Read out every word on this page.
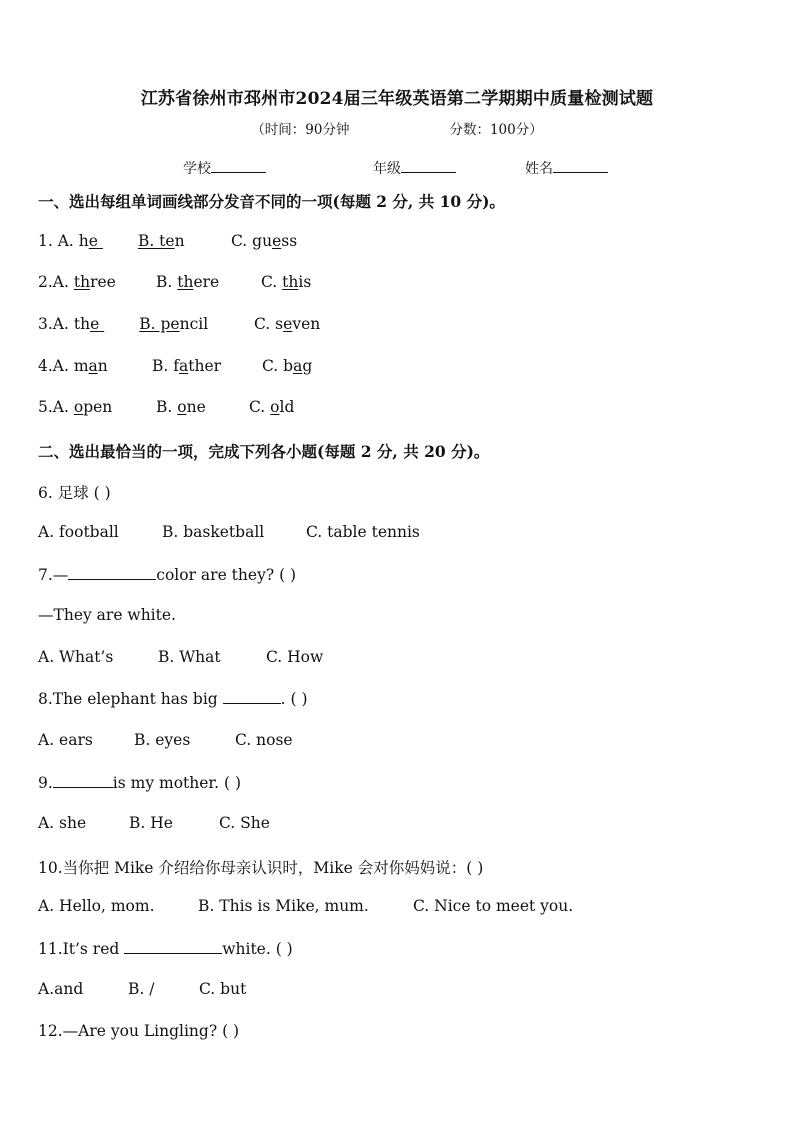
江苏省徐州市邳州市2024届三年级英语第二学期期中质量检测试题
（时间：90分钟	分数：100分）
学校	年级	姓名
一、选出每组单词画线部分发音不同的一项(每题 2 分, 共 10 分)。
1. A. he	B. ten	C. guess
2.A. three	B. there	C. this
3.A. the	B. pencil	C. seven
4.A. man	B. father	C. bag
5.A. open	B. one	C. old
二、选出最恰当的一项，完成下列各小题(每题 2 分, 共 20 分)。
6. 足球 ( )
A. football	B. basketball	C. table tennis
7.—	color are they? ( )
—They are white.
A. What’s	B. What	C. How
8.The elephant has big	. ( )
A. ears	B. eyes	C. nose
9.	is my mother. ( )
A. she	B. He	C. She
10.当你把 Mike 介绍给你母亲认识时，Mike 会对你妈妈说：( )
A. Hello, mom.	B. This is Mike, mum.	C. Nice to meet you.
11.It’s red	white. ( )
A.and	B. /	C. but
12.—Are you Lingling? ( )
